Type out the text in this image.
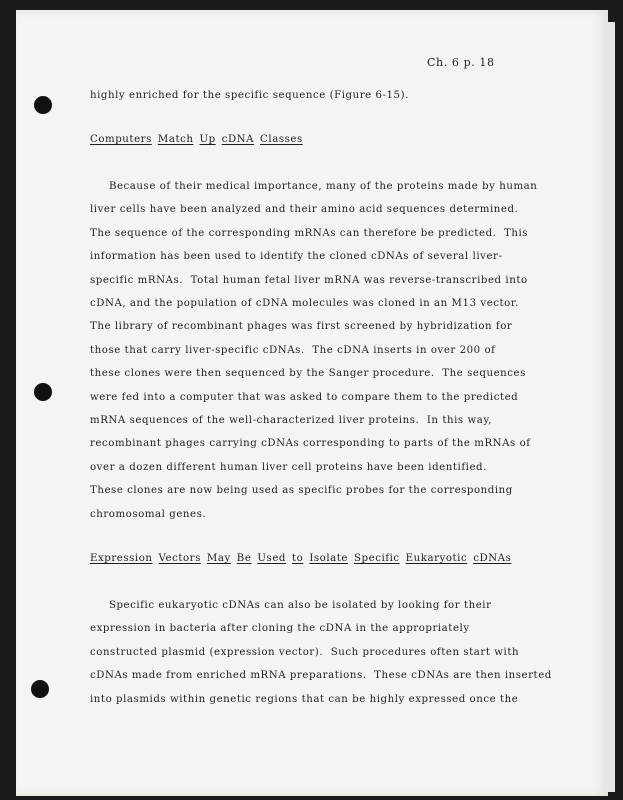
Ch. 6 p. 18
highly enriched for the specific sequence (Figure 6-15).
Computers Match Up cDNA Classes
Because of their medical importance, many of the proteins made by human
liver cells have been analyzed and their amino acid sequences determined.
The sequence of the corresponding mRNAs can therefore be predicted.  This
information has been used to identify the cloned cDNAs of several liver-
specific mRNAs.  Total human fetal liver mRNA was reverse-transcribed into
cDNA, and the population of cDNA molecules was cloned in an M13 vector.
The library of recombinant phages was first screened by hybridization for
those that carry liver-specific cDNAs.  The cDNA inserts in over 200 of
these clones were then sequenced by the Sanger procedure.  The sequences
were fed into a computer that was asked to compare them to the predicted
mRNA sequences of the well-characterized liver proteins.  In this way,
recombinant phages carrying cDNAs corresponding to parts of the mRNAs of
over a dozen different human liver cell proteins have been identified.
These clones are now being used as specific probes for the corresponding
chromosomal genes.
Expression Vectors May Be Used to Isolate Specific Eukaryotic cDNAs
Specific eukaryotic cDNAs can also be isolated by looking for their
expression in bacteria after cloning the cDNA in the appropriately
constructed plasmid (expression vector).  Such procedures often start with
cDNAs made from enriched mRNA preparations.  These cDNAs are then inserted
into plasmids within genetic regions that can be highly expressed once the
